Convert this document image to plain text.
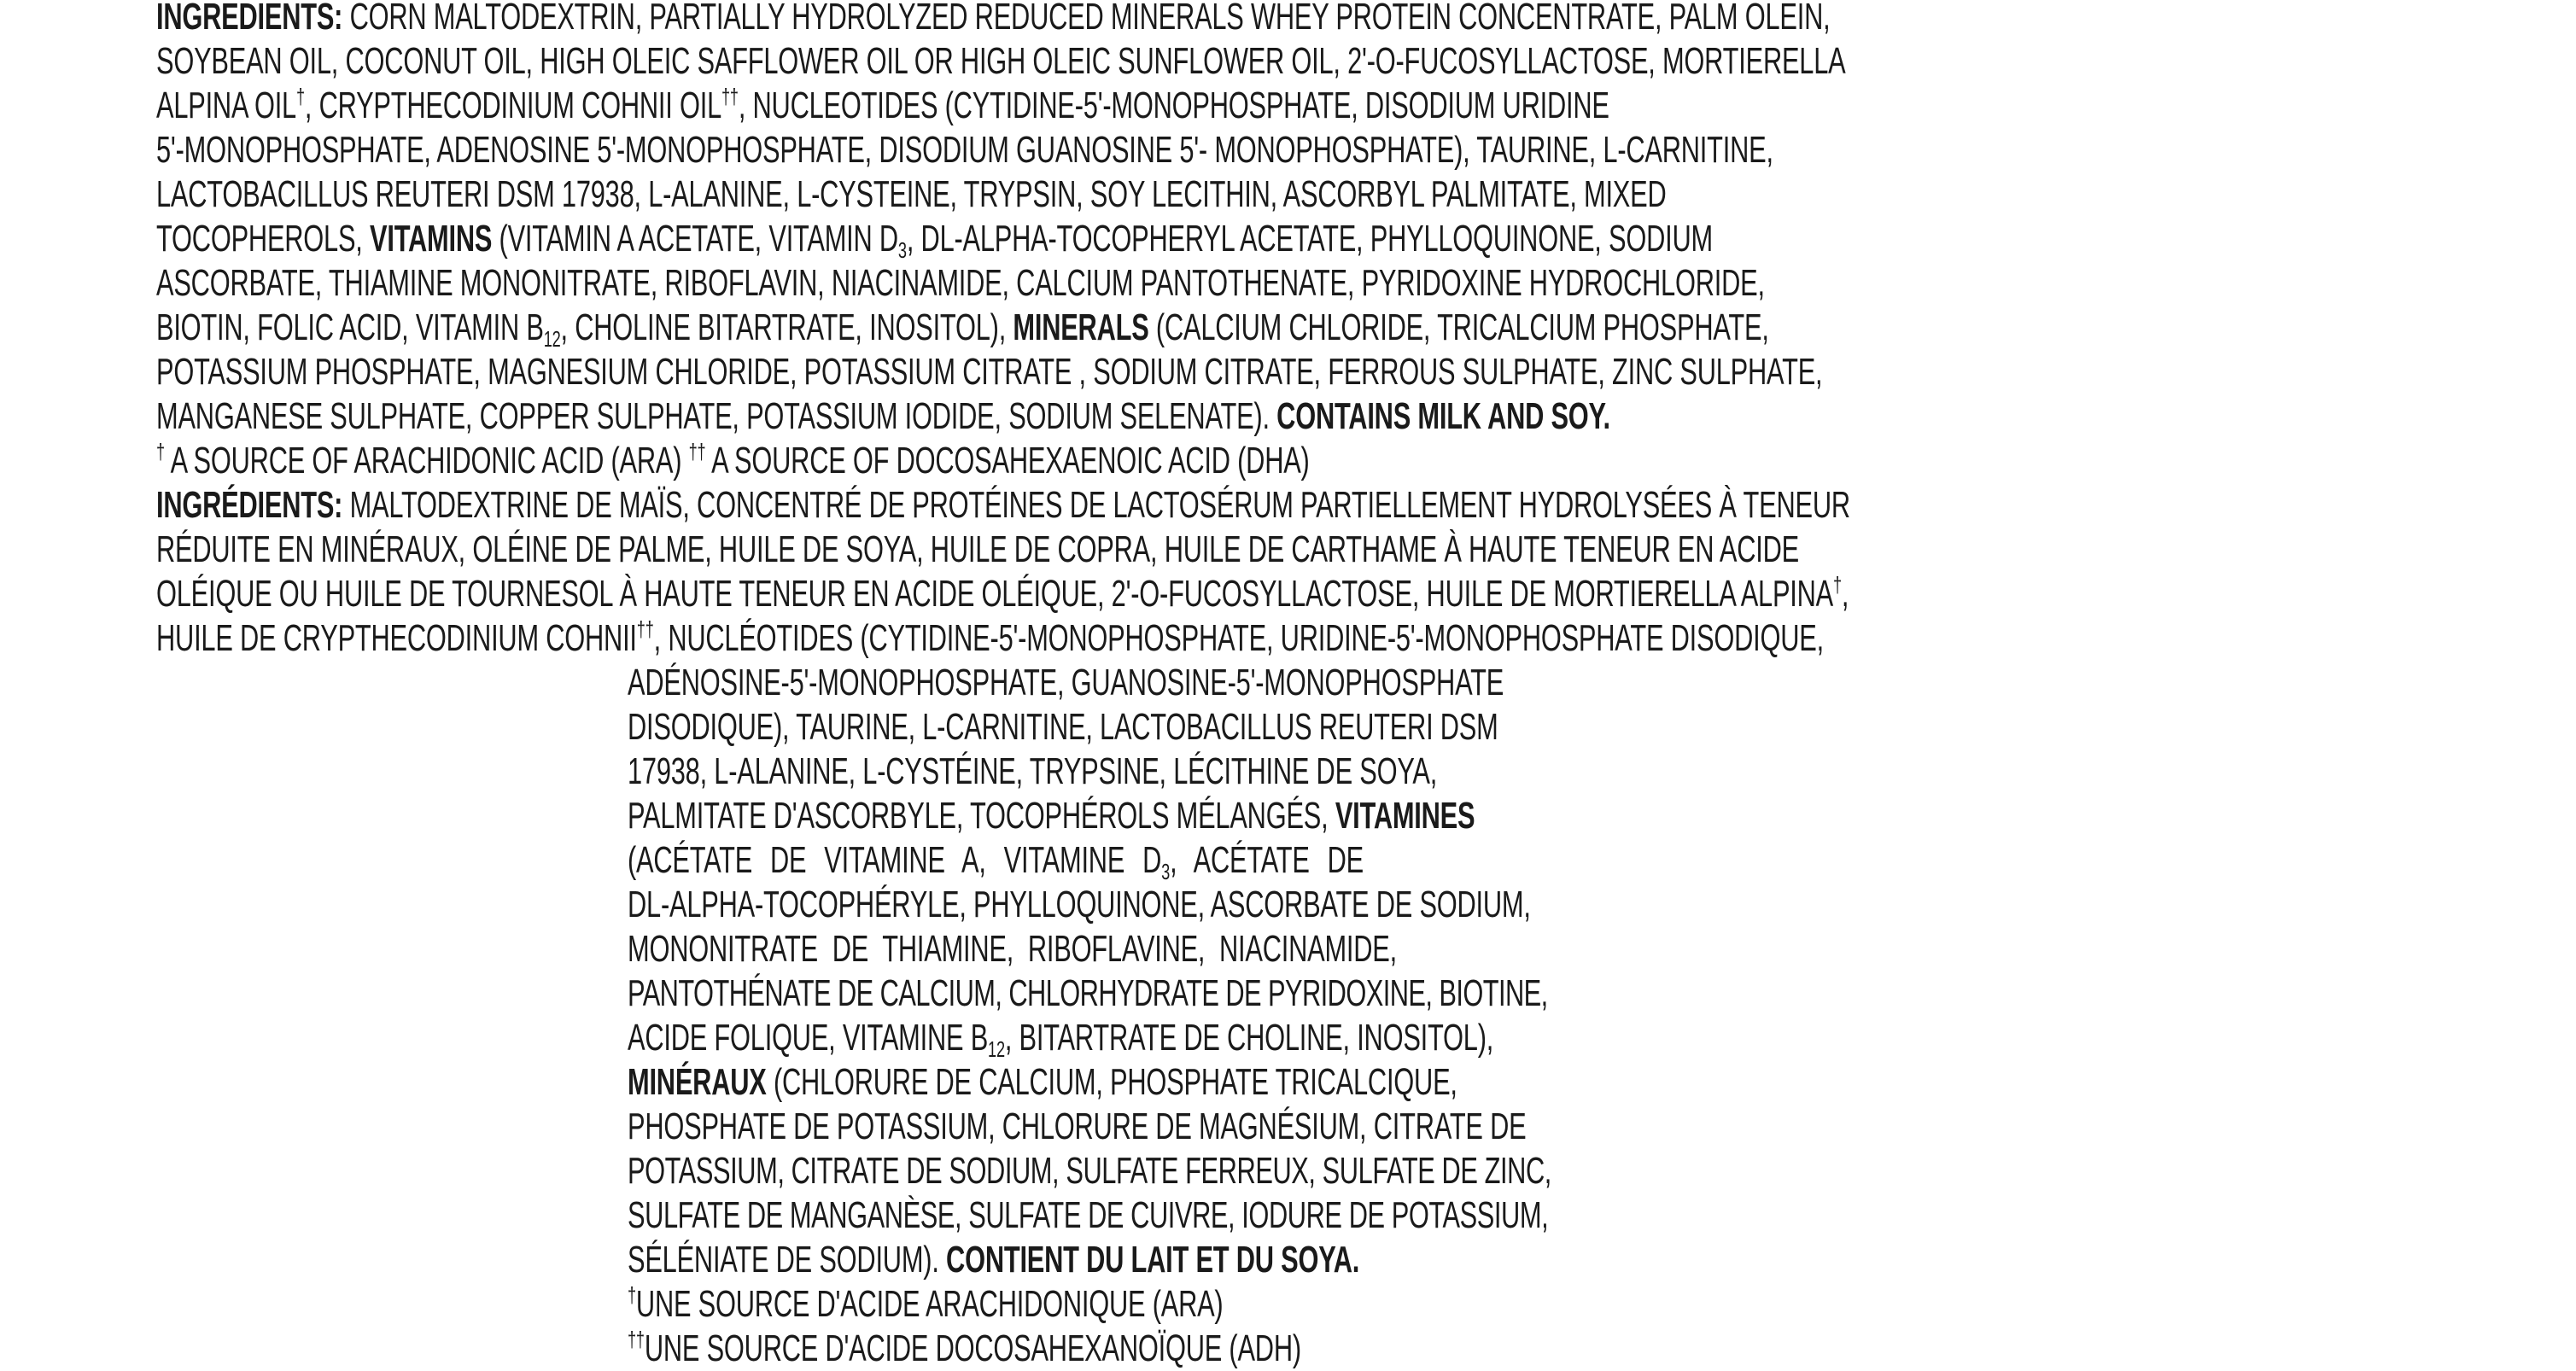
INGREDIENTS: CORN MALTODEXTRIN, PARTIALLY HYDROLYZED REDUCED MINERALS WHEY PROTEIN CONCENTRATE, PALM OLEIN,
SOYBEAN OIL, COCONUT OIL, HIGH OLEIC SAFFLOWER OIL OR HIGH OLEIC SUNFLOWER OIL, 2'-O-FUCOSYLLACTOSE, MORTIERELLA
ALPINA OIL†, CRYPTHECODINIUM COHNII OIL††, NUCLEOTIDES (CYTIDINE-5'-MONOPHOSPHATE, DISODIUM URIDINE
5'-MONOPHOSPHATE, ADENOSINE 5'-MONOPHOSPHATE, DISODIUM GUANOSINE 5'- MONOPHOSPHATE), TAURINE, L-CARNITINE,
LACTOBACILLUS REUTERI DSM 17938, L-ALANINE, L-CYSTEINE, TRYPSIN, SOY LECITHIN, ASCORBYL PALMITATE, MIXED
TOCOPHEROLS, VITAMINS (VITAMIN A ACETATE, VITAMIN $D_3$, DL-ALPHA-TOCOPHERYL ACETATE, PHYLLOQUINONE, SODIUM
ASCORBATE, THIAMINE MONONITRATE, RIBOFLAVIN, NIACINAMIDE, CALCIUM PANTOTHENATE, PYRIDOXINE HYDROCHLORIDE,
BIOTIN, FOLIC ACID, VITAMIN $B_{12}$, CHOLINE BITARTRATE, INOSITOL), MINERALS (CALCIUM CHLORIDE, TRICALCIUM PHOSPHATE,
POTASSIUM PHOSPHATE, MAGNESIUM CHLORIDE, POTASSIUM CITRATE , SODIUM CITRATE, FERROUS SULPHATE, ZINC SULPHATE,
MANGANESE SULPHATE, COPPER SULPHATE, POTASSIUM IODIDE, SODIUM SELENATE). CONTAINS MILK AND SOY.
† A SOURCE OF ARACHIDONIC ACID (ARA) †† A SOURCE OF DOCOSAHEXAENOIC ACID (DHA)
INGRÉDIENTS: MALTODEXTRINE DE MAÏS, CONCENTRÉ DE PROTÉINES DE LACTOSÉRUM PARTIELLEMENT HYDROLYSÉES À TENEUR
RÉDUITE EN MINÉRAUX, OLÉINE DE PALME, HUILE DE SOYA, HUILE DE COPRA, HUILE DE CARTHAME À HAUTE TENEUR EN ACIDE
OLÉIQUE OU HUILE DE TOURNESOL À HAUTE TENEUR EN ACIDE OLÉIQUE, 2'-O-FUCOSYLLACTOSE, HUILE DE MORTIERELLA ALPINA†,
HUILE DE CRYPTHECODINIUM COHNII††, NUCLÉOTIDES (CYTIDINE-5'-MONOPHOSPHATE, URIDINE-5'-MONOPHOSPHATE DISODIQUE,
ADÉNOSINE-5'-MONOPHOSPHATE, GUANOSINE-5'-MONOPHOSPHATE
DISODIQUE), TAURINE, L-CARNITINE, LACTOBACILLUS REUTERI DSM
17938, L-ALANINE, L-CYSTÉINE, TRYPSINE, LÉCITHINE DE SOYA,
PALMITATE D'ASCORBYLE, TOCOPHÉROLS MÉLANGÉS, VITAMINES
(ACÉTATE DE VITAMINE A, VITAMINE $D_3$, ACÉTATE DE
DL-ALPHA-TOCOPHÉRYLE, PHYLLOQUINONE, ASCORBATE DE SODIUM,
MONONITRATE DE THIAMINE, RIBOFLAVINE, NIACINAMIDE,
PANTOTHÉNATE DE CALCIUM, CHLORHYDRATE DE PYRIDOXINE, BIOTINE,
ACIDE FOLIQUE, VITAMINE $B_{12}$, BITARTRATE DE CHOLINE, INOSITOL),
MINÉRAUX (CHLORURE DE CALCIUM, PHOSPHATE TRICALCIQUE,
PHOSPHATE DE POTASSIUM, CHLORURE DE MAGNÉSIUM, CITRATE DE
POTASSIUM, CITRATE DE SODIUM, SULFATE FERREUX, SULFATE DE ZINC,
SULFATE DE MANGANÈSE, SULFATE DE CUIVRE, IODURE DE POTASSIUM,
SÉLÉNIATE DE SODIUM). CONTIENT DU LAIT ET DU SOYA.
†UNE SOURCE D'ACIDE ARACHIDONIQUE (ARA)
††UNE SOURCE D'ACIDE DOCOSAHEXANOÏQUE (ADH)
